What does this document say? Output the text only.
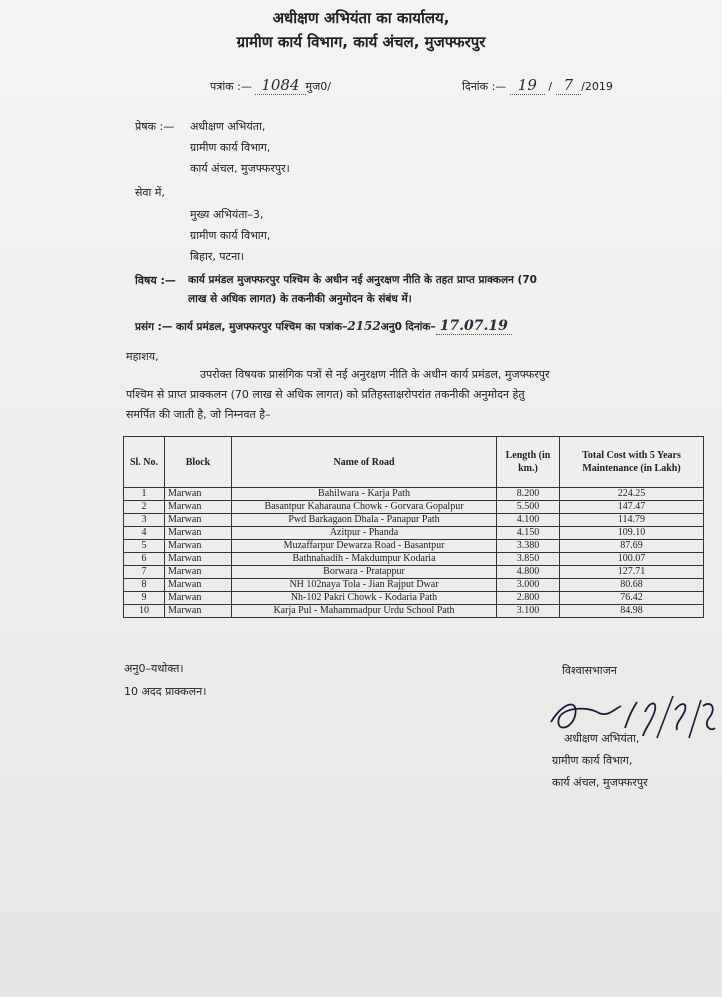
अधीक्षण अभियंता का कार्यालय,
ग्रामीण कार्य विभाग, कार्य अंचल, मुजफ्फरपुर
पत्रांक :— 1084 मुज0/	दिनांक :— 19 / 7 /2019
प्रेषक :— अधीक्षण अभियंता,
ग्रामीण कार्य विभाग,
कार्य अंचल, मुजफ्फरपुर।
सेवा में,
मुख्य अभियंता–3,
ग्रामीण कार्य विभाग,
बिहार, पटना।
विषय :— कार्य प्रमंडल मुजफ्फरपुर पश्चिम के अधीन नई अनुरक्षण नीति के तहत प्राप्त प्राक्कलन (70
लाख से अधिक लागत) के तकनीकी अनुमोदन के संबंध में।
प्रसंग :— कार्य प्रमंडल, मुजफ्फरपुर पश्चिम का पत्रांक–2152अनु0 दिनांक– 17.07.19
महाशय,
उपरोक्त विषयक प्रासंगिक पत्रों से नई अनुरक्षण नीति के अधीन कार्य प्रमंडल, मुजफ्फरपुर
पश्चिम से प्राप्त प्राक्कलन (70 लाख से अधिक लागत) को प्रतिहस्ताक्षरोपरांत तकनीकी अनुमोदन हेतु
समर्पित की जाती है, जो निम्नवत है–
Sl. No.	Block	Name of Road	Length (in km.)	Total Cost with 5 Years Maintenance (in Lakh)
1	Marwan	Bahilwara - Karja Path	8.200	224.25
2	Marwan	Basantpur Kaharauna Chowk - Gorvara Gopalpur	5.500	147.47
3	Marwan	Pwd Barkagaon Dhala - Panapur Path	4.100	114.79
4	Marwan	Azitpur - Phanda	4.150	109.10
5	Marwan	Muzaffarpur Dewarza Road - Basantpur	3.380	87.69
6	Marwan	Bathnahadih - Makdumpur Kodaria	3.850	100.07
7	Marwan	Borwara - Pratappur	4.800	127.71
8	Marwan	NH 102naya Tola - Jian Rajput Dwar	3.000	80.68
9	Marwan	Nh-102 Pakri Chowk - Kodaria Path	2.800	76.42
10	Marwan	Karja Pul - Mahammadpur Urdu School Path	3.100	84.98
अनु0–यथोक्त।
10 अदद प्राक्कलन।
विश्वासभाजन
अधीक्षण अभियंता,
ग्रामीण कार्य विभाग,
कार्य अंचल, मुजफ्फरपुर
